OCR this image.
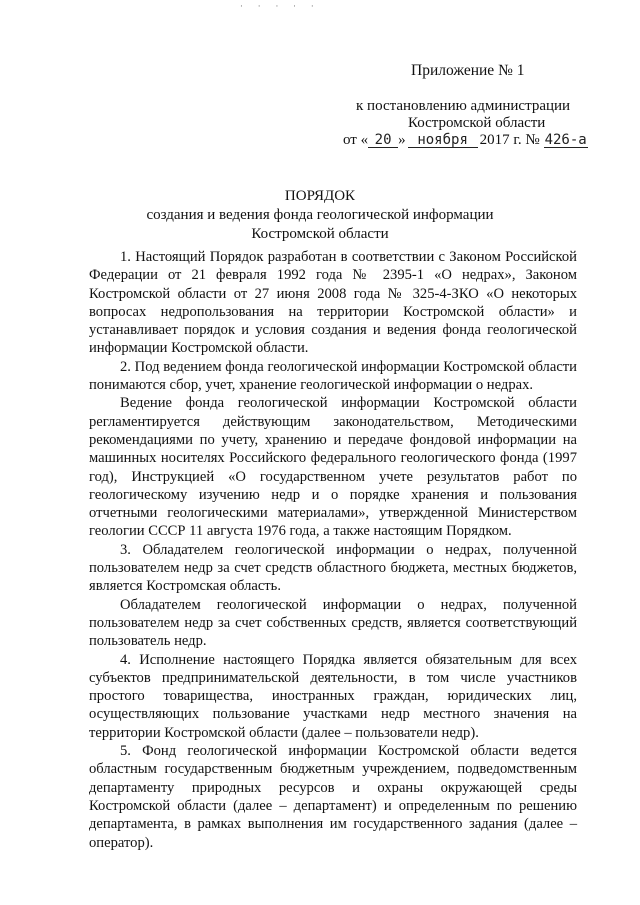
· · · · ·
Приложение № 1
к постановлению администрации
Костромской области
от « 20 » ноября 2017 г. № 426-а
ПОРЯДОК
создания и ведения фонда геологической информации
Костромской области

1. Настоящий Порядок разработан в соответствии с Законом Российской Федерации от 21 февраля 1992 года № 2395-1 «О недрах», Законом Костромской области от 27 июня 2008 года № 325-4-ЗКО «О некоторых вопросах недропользования на территории Костромской области» и устанавливает порядок и условия создания и ведения фонда геологической информации Костромской области.

2. Под ведением фонда геологической информации Костромской области понимаются сбор, учет, хранение геологической информации о недрах.

Ведение фонда геологической информации Костромской области регламентируется действующим законодательством, Методическими рекомендациями по учету, хранению и передаче фондовой информации на машинных носителях Российского федерального геологического фонда (1997 год), Инструкцией «О государственном учете результатов работ по геологическому изучению недр и о порядке хранения и пользования отчетными геологическими материалами», утвержденной Министерством геологии СССР 11 августа 1976 года, а также настоящим Порядком.

3. Обладателем геологической информации о недрах, полученной пользователем недр за счет средств областного бюджета, местных бюджетов, является Костромская область.

Обладателем геологической информации о недрах, полученной пользователем недр за счет собственных средств, является соответствующий пользователь недр.

4. Исполнение настоящего Порядка является обязательным для всех субъектов предпринимательской деятельности, в том числе участников простого товарищества, иностранных граждан, юридических лиц, осуществляющих пользование участками недр местного значения на территории Костромской области (далее – пользователи недр).

5. Фонд геологической информации Костромской области ведется областным государственным бюджетным учреждением, подведомственным департаменту природных ресурсов и охраны окружающей среды Костромской области (далее – департамент) и определенным по решению департамента, в рамках выполнения им государственного задания (далее – оператор).
